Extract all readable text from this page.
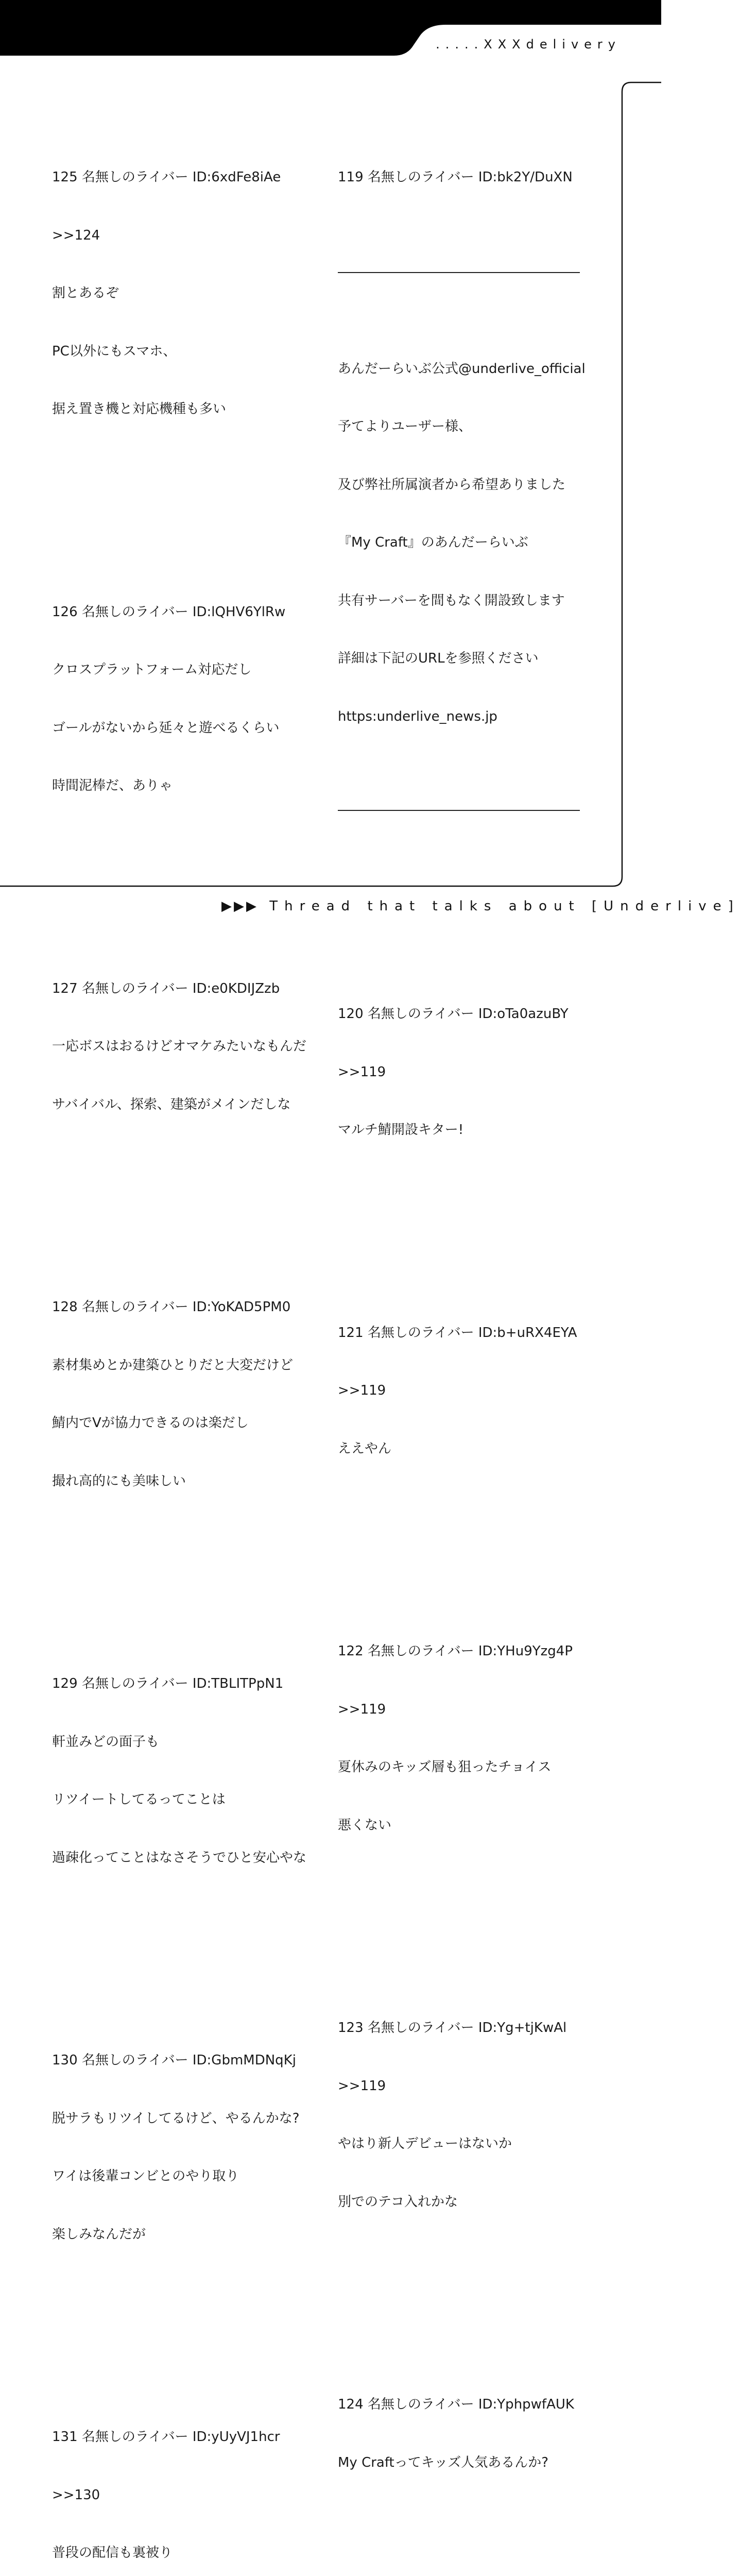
.....XXXdelivery

125 名無しのライバー ID:6xdFe8iAe

>>124

割とあるぞ

PC以外にもスマホ、

据え置き機と対応機種も多い

126 名無しのライバー ID:lQHV6YlRw

クロスプラットフォーム対応だし

ゴールがないから延々と遊べるくらい

時間泥棒だ、ありゃ

127 名無しのライバー ID:e0KDIJZzb

一応ボスはおるけどオマケみたいなもんだ

サバイバル、探索、建築がメインだしな

128 名無しのライバー ID:YoKAD5PM0

素材集めとか建築ひとりだと大変だけど

鯖内でVが協力できるのは楽だし

撮れ高的にも美味しい

129 名無しのライバー ID:TBLITPpN1

軒並みどの面子も

リツイートしてるってことは

過疎化ってことはなさそうでひと安心やな

130 名無しのライバー ID:GbmMDNqKj

脱サラもリツイしてるけど、やるんかな?

ワイは後輩コンビとのやり取り

楽しみなんだが

131 名無しのライバー ID:yUyVJ1hcr

>>130

普段の配信も裏被り

119 名無しのライバー ID:bk2Y/DuXN

あんだーらいぶ公式@underlive_official

予てよりユーザー様、

及び弊社所属演者から希望ありました

『My Craft』のあんだーらいぶ

共有サーバーを間もなく開設致します

詳細は下記のURLを参照ください

https:underlive_news.jp

120 名無しのライバー ID:oTa0azuBY

>>119

マルチ鯖開設キター!

121 名無しのライバー ID:b+uRX4EYA

>>119

ええやん

122 名無しのライバー ID:YHu9Yzg4P

>>119

夏休みのキッズ層も狙ったチョイス

悪くない

123 名無しのライバー ID:Yg+tjKwAl

>>119

やはり新人デビューはないか

別でのテコ入れかな

124 名無しのライバー ID:YphpwfAUK

My Craftってキッズ人気あるんか?

▶▶▶ Thread that talks about [Underlive]
